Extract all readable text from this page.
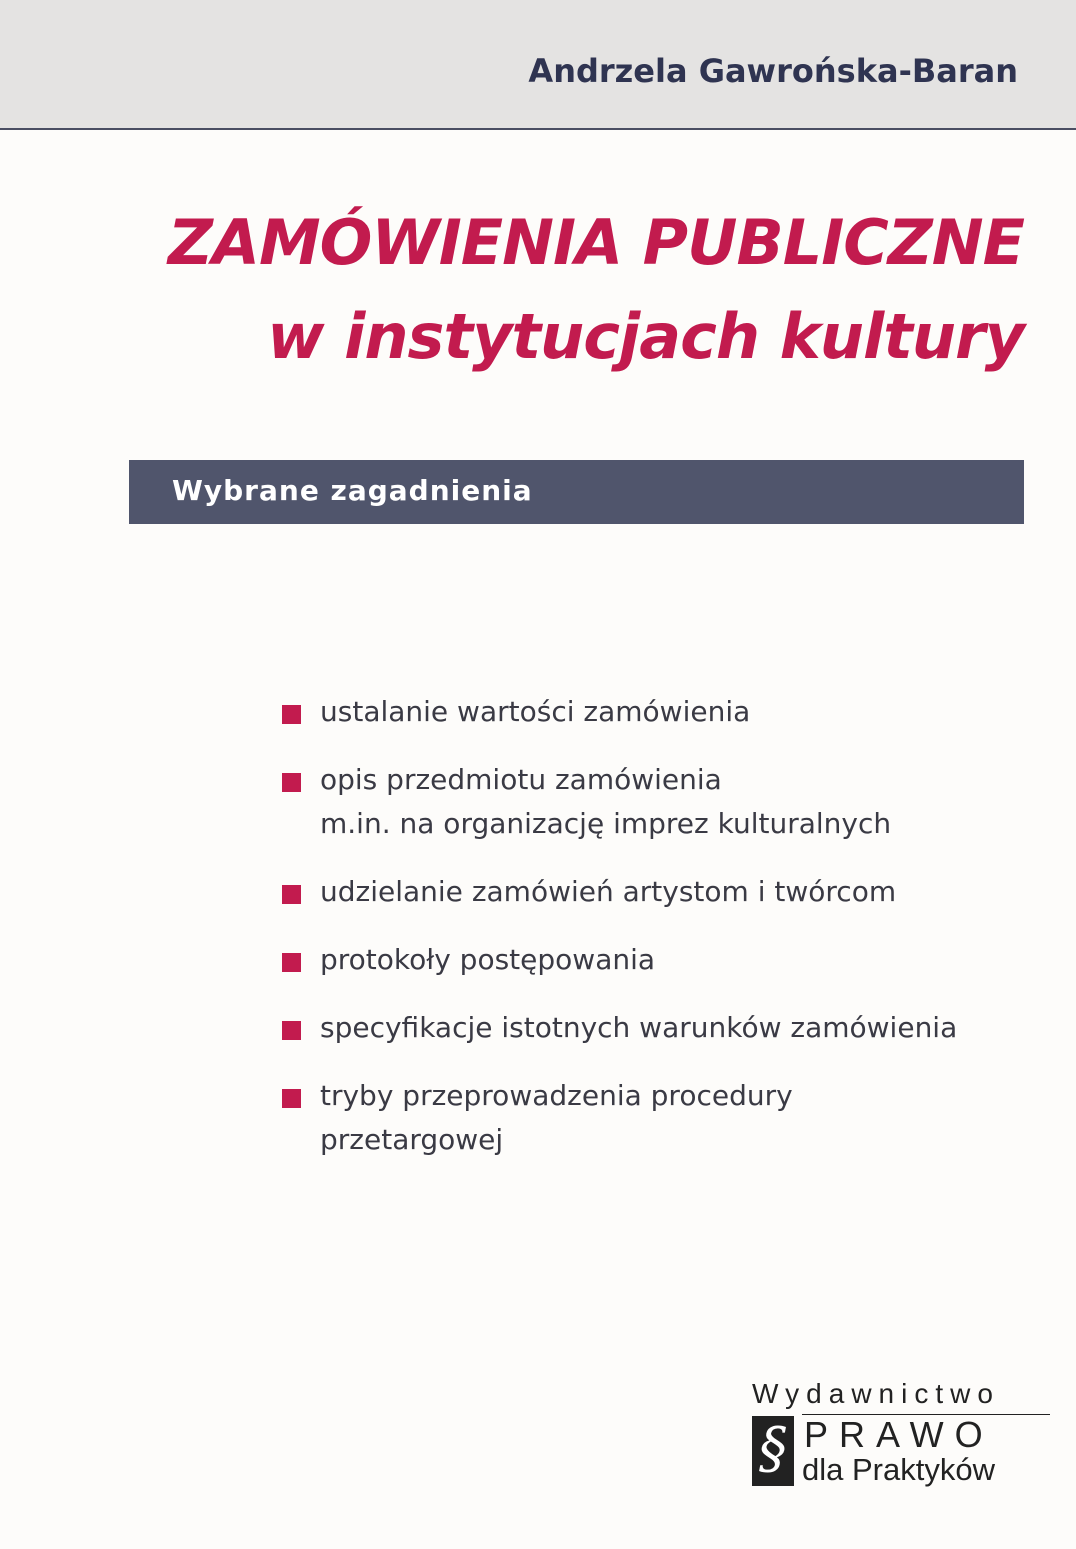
Andrzela Gawrońska-Baran
ZAMÓWIENIA PUBLICZNE
w instytucjach kultury
Wybrane zagadnienia
ustalanie wartości zamówienia
opis przedmiotu zamówienia
m.in. na organizację imprez kulturalnych
udzielanie zamówień artystom i twórcom
protokoły postępowania
specyfikacje istotnych warunków zamówienia
tryby przeprowadzenia procedury
przetargowej
Wydawnictwo
§ PRAWO
dla Praktyków
